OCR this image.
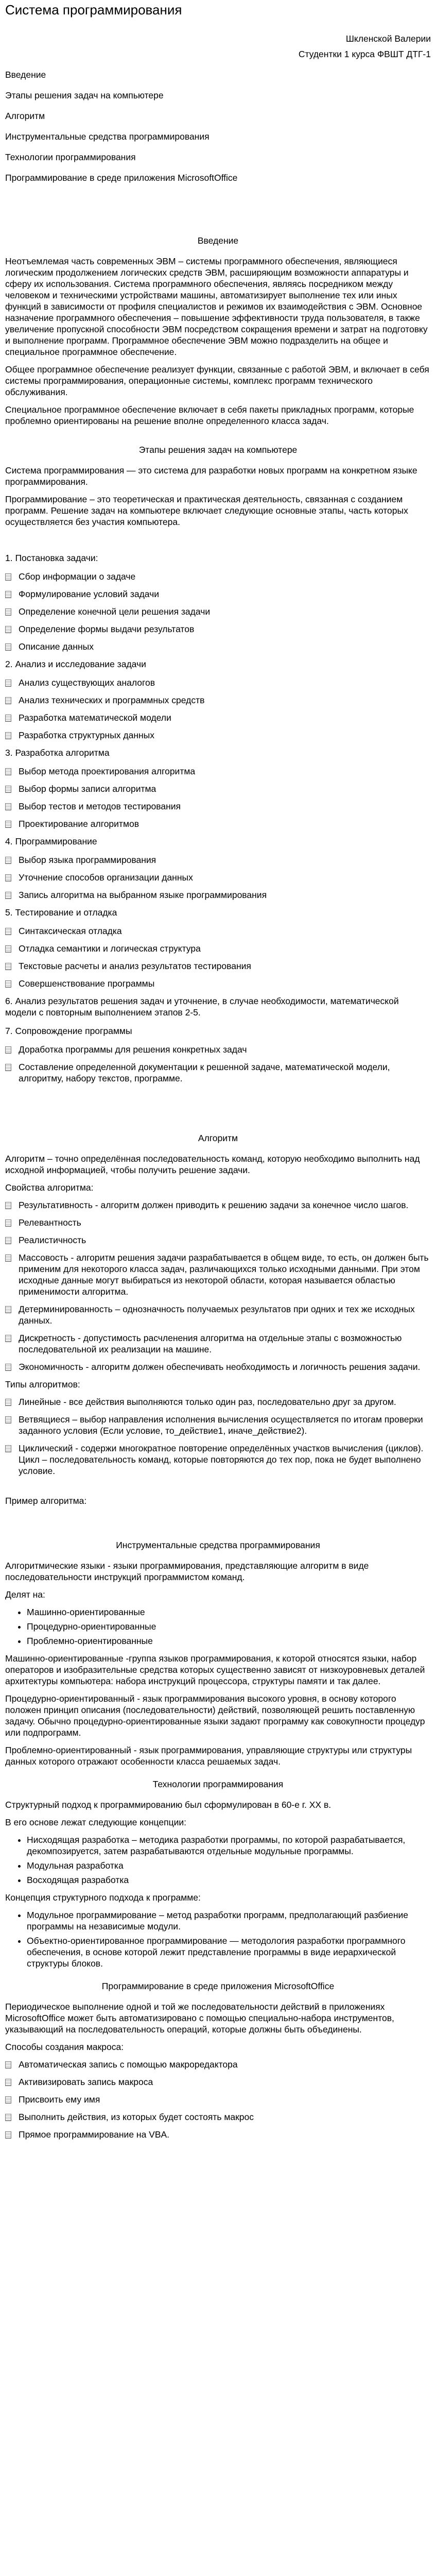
Система программирования
Шкленской Валерии
Студентки 1 курса ФВШТ ДТГ-1

Введение

Этапы решения задач на компьютере

Алгоритм

Инструментальные средства программирования

Технологии программирования

Программирование в среде приложения MicrosoftOffice

Введение

Неотъемлемая часть современных ЭВМ – системы программного обеспечения, являющиеся логическим продолжением логических средств ЭВМ, расширяющим возможности аппаратуры и сферу их использования. Система программного обеспечения, являясь посредником между человеком и техническими устройствами машины, автоматизирует выполнение тех или иных функций в зависимости от профиля специалистов и режимов их взаимодействия с ЭВМ. Основное назначение программного обеспечения – повышение эффективности труда пользователя, в также увеличение пропускной способности ЭВМ посредством сокращения времени и затрат на подготовку и выполнение программ. Программное обеспечение ЭВМ можно подразделить на общее и специальное программное обеспечение.

Общее программное обеспечение реализует функции, связанные с работой ЭВМ, и включает в себя системы программирования, операционные системы, комплекс программ технического обслуживания.

Специальное программное обеспечение включает в себя пакеты прикладных программ, которые проблемно ориентированы на решение вполне определенного класса задач.

Этапы решения задач на компьютере

Система программирования — это система для разработки новых программ на конкретном языке программирования.

Программирование – это теоретическая и практическая деятельность, связанная с созданием программ. Решение задач на компьютере включает следующие основные этапы, часть которых осуществляется без участия компьютера.

1. Постановка задачи:
Сбор информации о задаче
Формулирование условий задачи
Определение конечной цели решения задачи
Определение формы выдачи результатов
Описание данных
2. Анализ и исследование задачи
Анализ существующих аналогов
Анализ технических и программных средств
Разработка математической модели
Разработка структурных данных
3. Разработка алгоритма
Выбор метода проектирования алгоритма
Выбор формы записи алгоритма
Выбор тестов и методов тестирования
Проектирование алгоритмов
4. Программирование
Выбор языка программирования
Уточнение способов организации данных
Запись алгоритма на выбранном языке программирования
5. Тестирование и отладка
Синтаксическая отладка
Отладка семантики и логическая структура
Текстовые расчеты и анализ результатов тестирования
Совершенствование программы
6. Анализ результатов решения задач и уточнение, в случае необходимости, математической модели с повторным выполнением этапов 2-5.
7. Сопровождение программы
Доработка программы для решения конкретных задач
Составление определенной документации к решенной задаче, математической модели, алгоритму, набору текстов, программе.
Алгоритм

Алгоритм – точно определённая последовательность команд, которую необходимо выполнить над исходной информацией, чтобы получить решение задачи.

Свойства алгоритма:

Результативность - алгоритм должен приводить к решению задачи за конечное число шагов.
Релевантность
Реалистичность
Массовость - алгоритм решения задачи разрабатывается в общем виде, то есть, он должен быть применим для некоторого класса задач, различающихся только исходными данными. При этом исходные данные могут выбираться из некоторой области, которая называется областью применимости алгоритма.
Детерминированность – однозначность получаемых результатов при одних и тех же исходных данных.
Дискретность - допустимость расчленения алгоритма на отдельные этапы с возможностью последовательной их реализации на машине.
Экономичность - алгоритм должен обеспечивать необходимость и логичность решения задачи.

Типы алгоритмов:

Линейные - все действия выполняются только один раз, последовательно друг за другом.
Ветвящиеся – выбор направления исполнения вычисления осуществляется по итогам проверки заданного условия (Если условие, то_действие1, иначе_действие2).
Циклический - содержи многократное повторение определённых участков вычисления (циклов). Цикл – последовательность команд, которые повторяются до тех пор, пока не будет выполнено условие.

Пример алгоритма:

Инструментальные средства программирования

Алгоритмические языки - языки программирования, представляющие алгоритм в виде последовательности инструкций программистом команд.

Делят на:

• Машинно-ориентированные
• Процедурно-ориентированные
• Проблемно-ориентированные

Машинно-ориентированные -группа языков программирования, к которой относятся языки, набор операторов и изобразительные средства которых существенно зависят от низкоуровневых деталей архитектуры компьютера: набора инструкций процессора, структуры памяти и так далее.

Процедурно-ориентированный - язык программирования высокого уровня, в основу которого положен принцип описания (последовательности) действий, позволяющей решить поставленную задачу. Обычно процедурно-ориентированные языки задают программу как совокупности процедур или подпрограмм.

Проблемно-ориентированный - язык программирования, управляющие структуры или структуры данных которого отражают особенности класса решаемых задач.

Технологии программирования

Структурный подход к программированию был сформулирован в 60-е г. ХХ в.

В его основе лежат следующие концепции:

• Нисходящая разработка – методика разработки программы, по которой разрабатывается, декомпозируется, затем разрабатываются отдельные модульные программы.
• Модульная разработка
• Восходящая разработка

Концепция структурного подхода к программе:

• Модульное программирование – метод разработки программ, предполагающий разбиение программы на независимые модули.
• Объектно-ориентированное программирование — методология разработки программного обеспечения, в основе которой лежит представление программы в виде иерархической структуры блоков.
Программирование в среде приложения MicrosoftOffice

Периодическое выполнение одной и той же последовательности действий в приложениях MicrosoftOffice может быть автоматизировано с помощью специально-набора инструментов, указывающий на последовательность операций, которые должны быть объединены.

Способы создания макроса:

Автоматическая запись с помощью макроредактора
Активизировать запись макроса
Присвоить ему имя
Выполнить действия, из которых будет состоять макрос
Прямое программирование на VBA.
